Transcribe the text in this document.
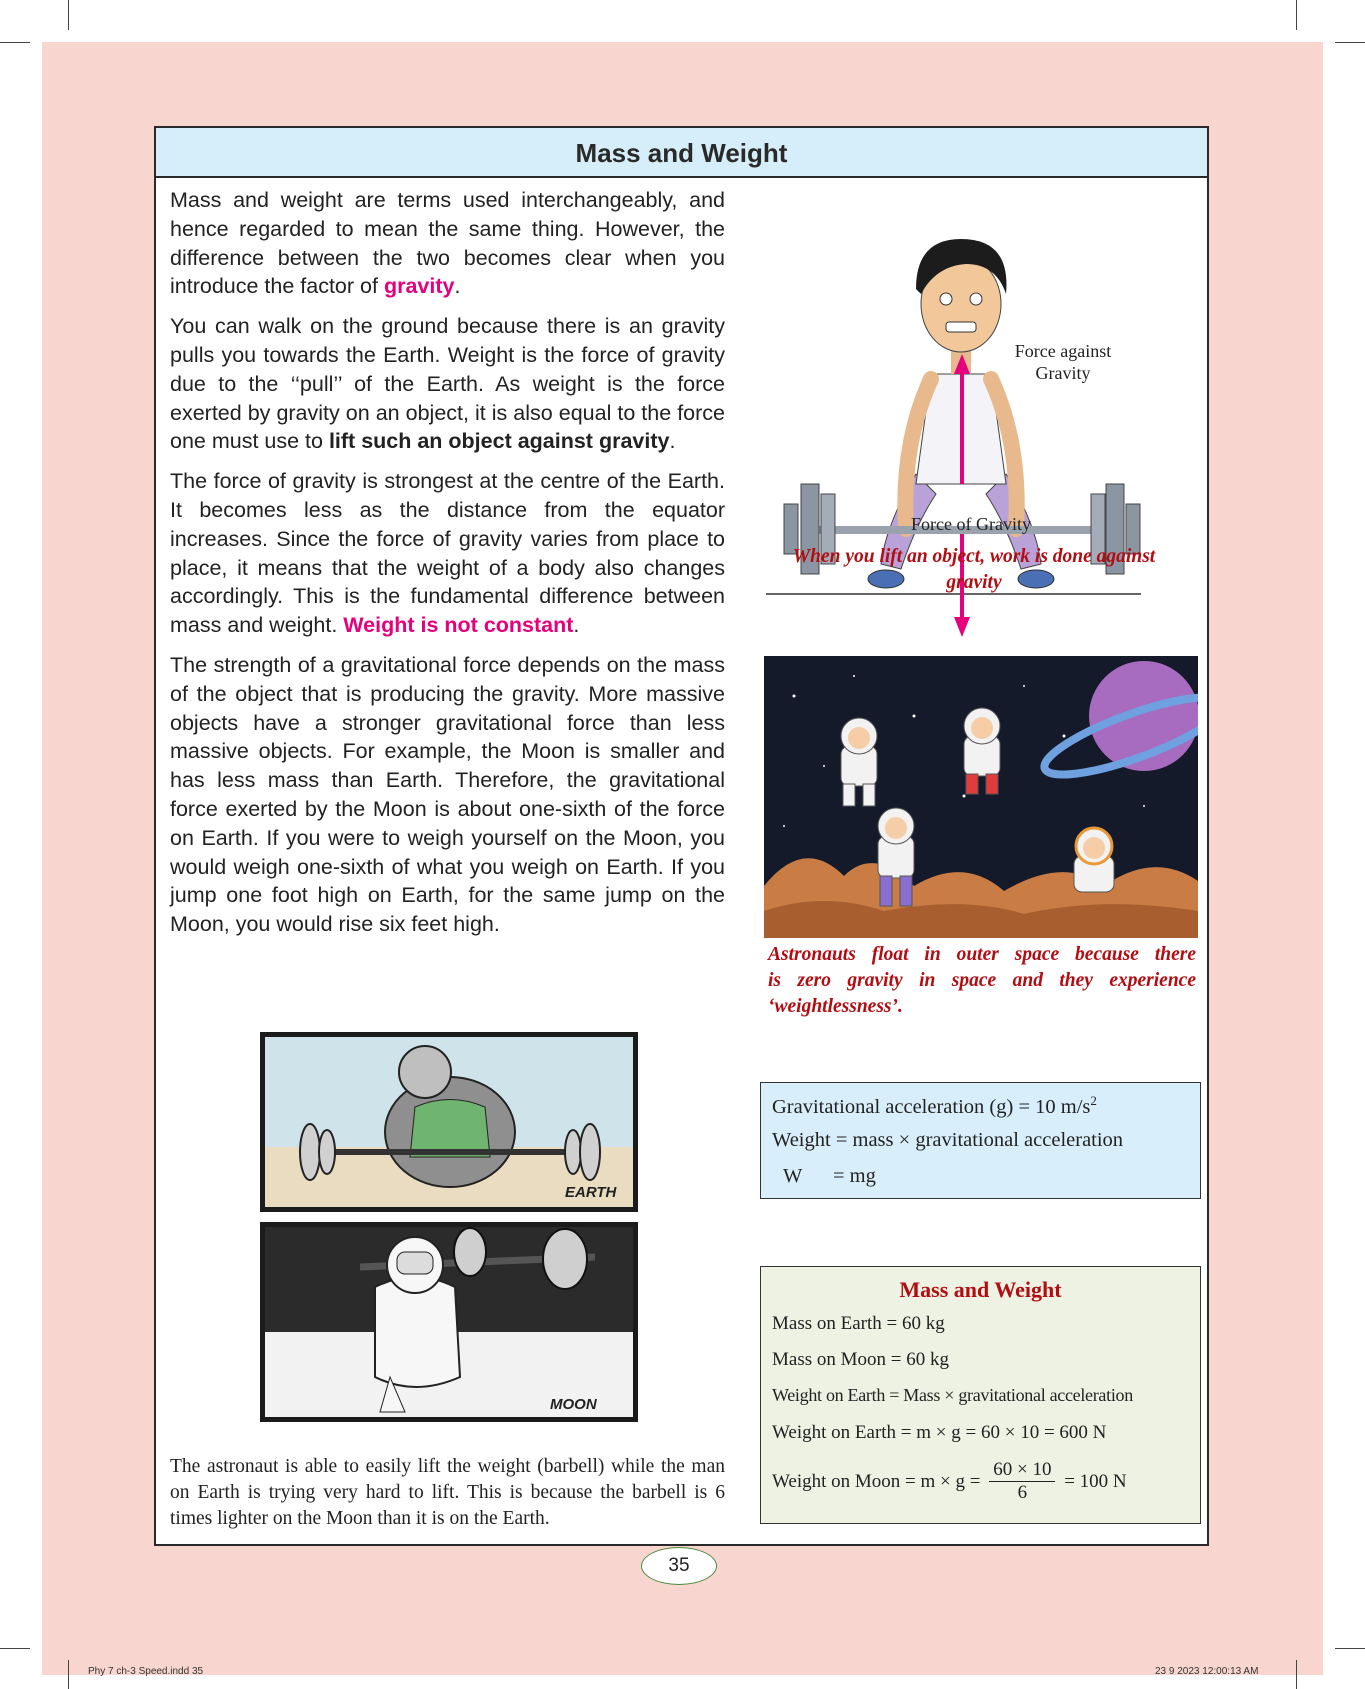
Mass and Weight

Mass and weight are terms used interchangeably, and hence regarded to mean the same thing. However, the difference between the two becomes clear when you introduce the factor of gravity.

You can walk on the ground because there is an gravity pulls you towards the Earth. Weight is the force of gravity due to the ‘‘pull’’ of the Earth. As weight is the force exerted by gravity on an object, it is also equal to the force one must use to lift such an object against gravity.

The force of gravity is strongest at the centre of the Earth. It becomes less as the distance from the equator increases. Since the force of gravity varies from place to place, it means that the weight of a body also changes accordingly. This is the fundamental difference between mass and weight. Weight is not constant.

The strength of a gravitational force depends on the mass of the object that is producing the gravity. More massive objects have a stronger gravitational force than less massive objects. For example, the Moon is smaller and has less mass than Earth. Therefore, the gravitational force exerted by the Moon is about one-sixth of the force on Earth. If you were to weigh yourself on the Moon, you would weigh one-sixth of what you weigh on Earth. If you jump one foot high on Earth, for the same jump on the Moon, you would rise six feet high.

Force against
Gravity
Force of Gravity
When you lift an object, work is done against
gravity
Astronauts float in outer space because there
is zero gravity in space and they experience
‘weightlessness’.
EARTH
MOON
The astronaut is able to easily lift the weight (barbell) while the man on Earth is trying very hard to lift. This is because the barbell is 6 times lighter on the Moon than it is on the Earth.
Gravitational acceleration (g) = 10 $m/s^2$
Weight = mass × gravitational acceleration
W = mg
Mass and Weight
Mass on Earth = 60 kg
Mass on Moon = 60 kg
Weight on Earth = Mass × gravitational acceleration
Weight on Earth = m × g = 60 × 10 = 600 N
Weight on Moon = $m \times g = \frac{60 \times 10}{6} = 100$ N
35
Phy 7 ch-3 Speed.indd 35	23 9 2023 12:00:13 AM
